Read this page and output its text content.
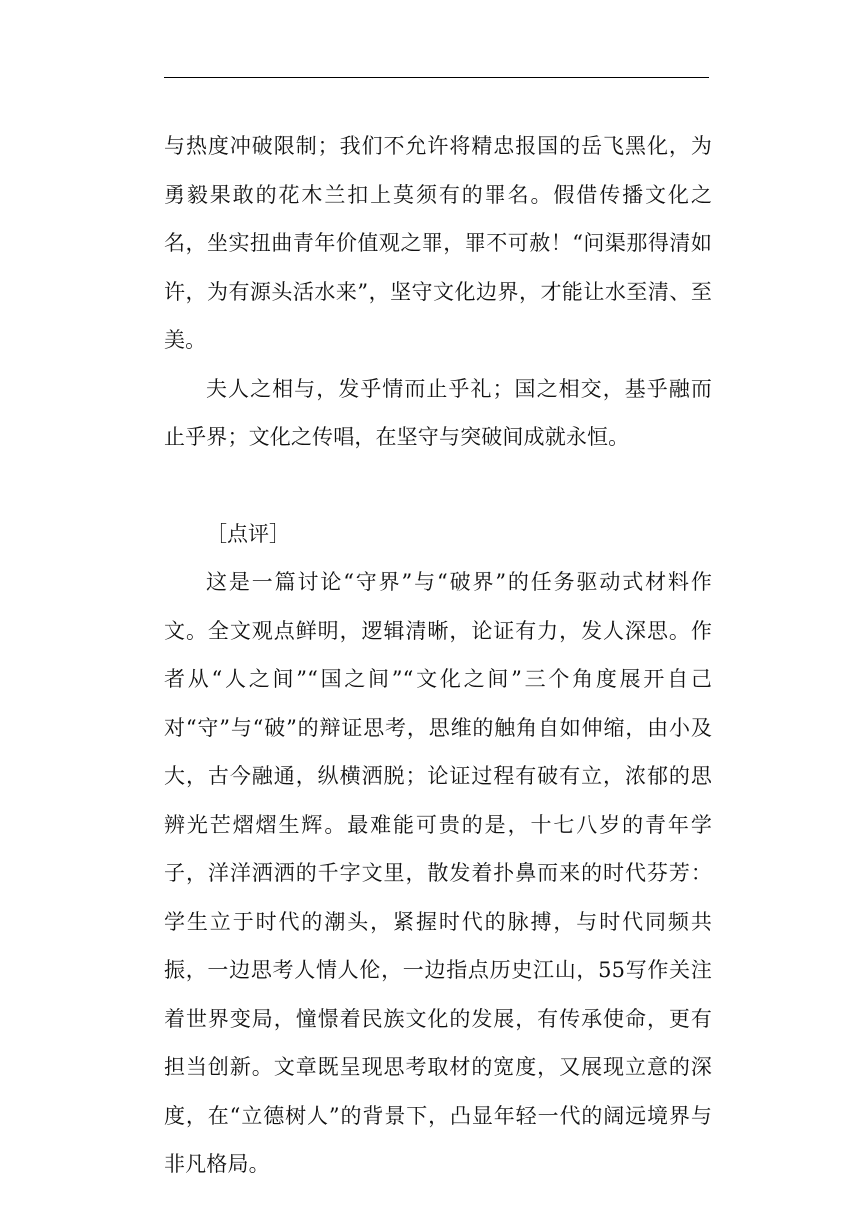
与热度冲破限制；我们不允许将精忠报国的岳飞黑化，为勇毅果敢的花木兰扣上莫须有的罪名。假借传播文化之名，坐实扭曲青年价值观之罪，罪不可赦！“问渠那得清如许，为有源头活水来”，坚守文化边界，才能让水至清、至美。

夫人之相与，发乎情而止乎礼；国之相交，基乎融而止乎界；文化之传唱，在坚守与突破间成就永恒。

［点评］

这是一篇讨论“守界”与“破界”的任务驱动式材料作文。全文观点鲜明，逻辑清晰，论证有力，发人深思。作者从“人之间”“国之间”“文化之间”三个角度展开自己对“守”与“破”的辩证思考，思维的触角自如伸缩，由小及大，古今融通，纵横洒脱；论证过程有破有立，浓郁的思辨光芒熠熠生辉。最难能可贵的是，十七八岁的青年学子，洋洋洒洒的千字文里，散发着扑鼻而来的时代芬芳：学生立于时代的潮头，紧握时代的脉搏，与时代同频共振，一边思考人情人伦，一边指点历史江山，55写作关注着世界变局，憧憬着民族文化的发展，有传承使命，更有担当创新。文章既呈现思考取材的宽度，又展现立意的深度，在“立德树人”的背景下，凸显年轻一代的阔远境界与非凡格局。
